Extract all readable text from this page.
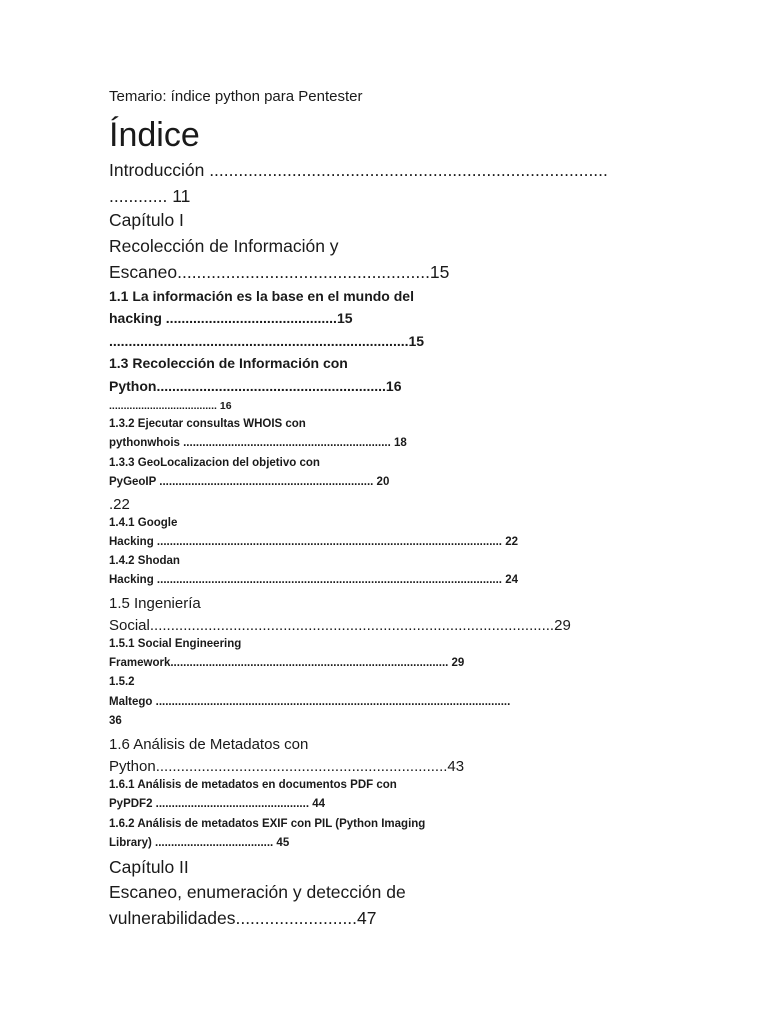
Temario: índice python para Pentester
Índice
Introducción ..................................................................................
............ 11
Capítulo I
Recolección de Información y
Escaneo....................................................15
1.1 La información es la base en el mundo del
hacking ............................................15
.............................................................................15
1.3 Recolección de Información con
Python...........................................................16
..................................... 16
1.3.2 Ejecutar consultas WHOIS con
pythonwhois ................................................................. 18
1.3.3 GeoLocalizacion del objetivo con
PyGeoIP ................................................................... 20
.22
1.4.1 Google
Hacking ............................................................................................................ 22
1.4.2 Shodan
Hacking ............................................................................................................ 24
1.5 Ingeniería
Social.................................................................................................29
1.5.1 Social Engineering
Framework....................................................................................... 29
1.5.2
Maltego ...............................................................................................................
36
1.6 Análisis de Metadatos con
Python......................................................................43
1.6.1 Análisis de metadatos en documentos PDF con
PyPDF2 ................................................ 44
1.6.2 Análisis de metadatos EXIF con PIL (Python Imaging
Library) ..................................... 45
Capítulo II
Escaneo, enumeración y detección de
vulnerabilidades.........................47
